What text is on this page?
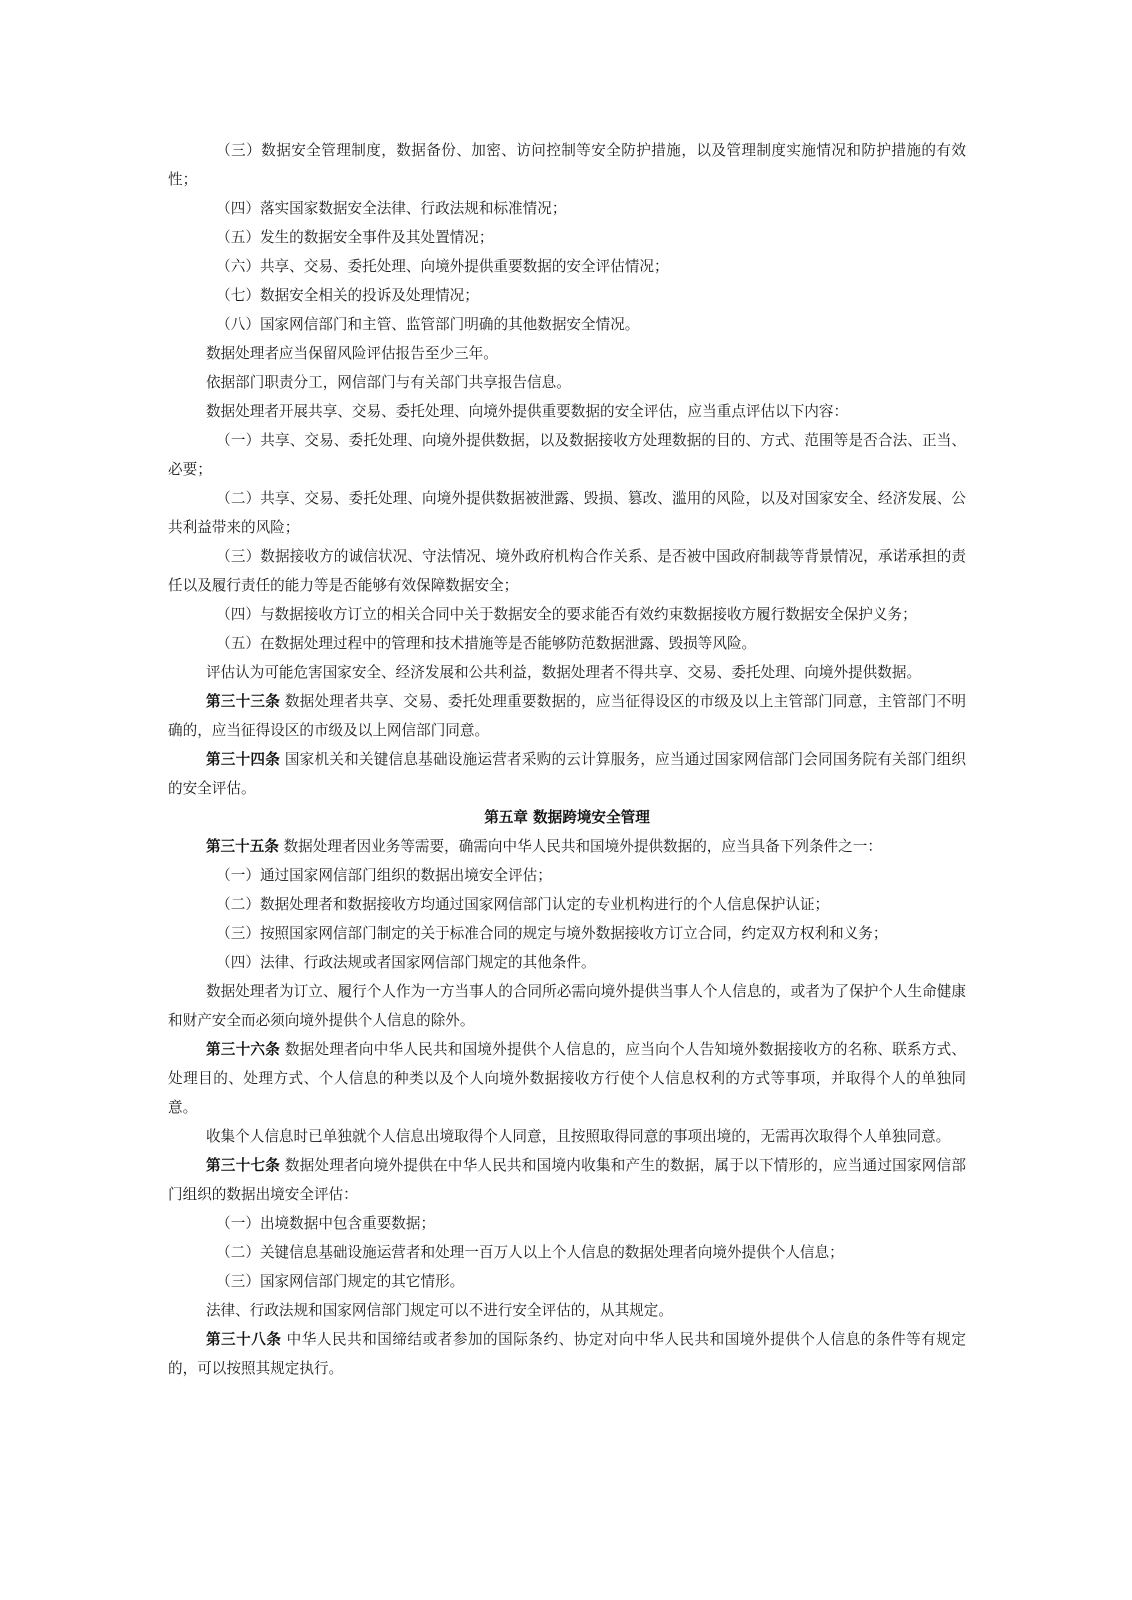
（三）数据安全管理制度，数据备份、加密、访问控制等安全防护措施，以及管理制度实施情况和防护措施的有效性；

（四）落实国家数据安全法律、行政法规和标准情况；

（五）发生的数据安全事件及其处置情况；

（六）共享、交易、委托处理、向境外提供重要数据的安全评估情况；

（七）数据安全相关的投诉及处理情况；

（八）国家网信部门和主管、监管部门明确的其他数据安全情况。

数据处理者应当保留风险评估报告至少三年。

依据部门职责分工，网信部门与有关部门共享报告信息。

数据处理者开展共享、交易、委托处理、向境外提供重要数据的安全评估，应当重点评估以下内容：

（一）共享、交易、委托处理、向境外提供数据，以及数据接收方处理数据的目的、方式、范围等是否合法、正当、必要；

（二）共享、交易、委托处理、向境外提供数据被泄露、毁损、篡改、滥用的风险，以及对国家安全、经济发展、公共利益带来的风险；

（三）数据接收方的诚信状况、守法情况、境外政府机构合作关系、是否被中国政府制裁等背景情况，承诺承担的责任以及履行责任的能力等是否能够有效保障数据安全；

（四）与数据接收方订立的相关合同中关于数据安全的要求能否有效约束数据接收方履行数据安全保护义务；

（五）在数据处理过程中的管理和技术措施等是否能够防范数据泄露、毁损等风险。

评估认为可能危害国家安全、经济发展和公共利益，数据处理者不得共享、交易、委托处理、向境外提供数据。

第三十三条 数据处理者共享、交易、委托处理重要数据的，应当征得设区的市级及以上主管部门同意，主管部门不明确的，应当征得设区的市级及以上网信部门同意。

第三十四条 国家机关和关键信息基础设施运营者采购的云计算服务，应当通过国家网信部门会同国务院有关部门组织的安全评估。

第五章 数据跨境安全管理

第三十五条 数据处理者因业务等需要，确需向中华人民共和国境外提供数据的，应当具备下列条件之一：

（一）通过国家网信部门组织的数据出境安全评估；

（二）数据处理者和数据接收方均通过国家网信部门认定的专业机构进行的个人信息保护认证；

（三）按照国家网信部门制定的关于标准合同的规定与境外数据接收方订立合同，约定双方权利和义务；

（四）法律、行政法规或者国家网信部门规定的其他条件。

数据处理者为订立、履行个人作为一方当事人的合同所必需向境外提供当事人个人信息的，或者为了保护个人生命健康和财产安全而必须向境外提供个人信息的除外。

第三十六条 数据处理者向中华人民共和国境外提供个人信息的，应当向个人告知境外数据接收方的名称、联系方式、处理目的、处理方式、个人信息的种类以及个人向境外数据接收方行使个人信息权利的方式等事项，并取得个人的单独同意。

收集个人信息时已单独就个人信息出境取得个人同意，且按照取得同意的事项出境的，无需再次取得个人单独同意。

第三十七条 数据处理者向境外提供在中华人民共和国境内收集和产生的数据，属于以下情形的，应当通过国家网信部门组织的数据出境安全评估：

（一）出境数据中包含重要数据；

（二）关键信息基础设施运营者和处理一百万人以上个人信息的数据处理者向境外提供个人信息；

（三）国家网信部门规定的其它情形。

法律、行政法规和国家网信部门规定可以不进行安全评估的，从其规定。

第三十八条 中华人民共和国缔结或者参加的国际条约、协定对向中华人民共和国境外提供个人信息的条件等有规定的，可以按照其规定执行。
